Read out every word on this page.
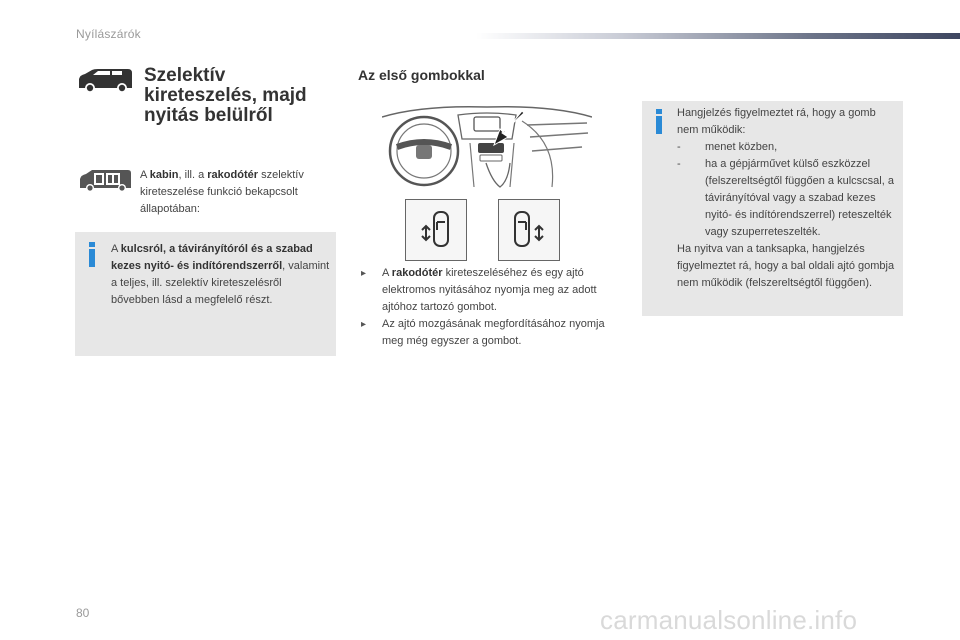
Nyílászárók
Szelektív
kireteszelés, majd
nyitás belülről
A kabin, ill. a rakodótér szelektív kireteszelése funkció bekapcsolt állapotában:
A kulcsról, a távirányítóról és a szabad kezes nyitó- és indítórendszerről, valamint a teljes, ill. szelektív kireteszelésről bővebben lásd a megfelelő részt.
Az első gombokkal
▸ A rakodótér kireteszeléséhez és egy ajtó elektromos nyitásához nyomja meg az adott ajtóhoz tartozó gombot.
▸ Az ajtó mozgásának megfordításához nyomja meg még egyszer a gombot.
Hangjelzés figyelmeztet rá, hogy a gomb nem működik:
- menet közben,
- ha a gépjárművet külső eszközzel (felszereltségtől függően a kulcscsal, a távirányítóval vagy a szabad kezes nyitó- és indítórendszerrel) reteszelték vagy szuperreteszelték.
Ha nyitva van a tanksapka, hangjelzés figyelmeztet rá, hogy a bal oldali ajtó gombja nem működik (felszereltségtől függően).
80	carmanualsonline.info
